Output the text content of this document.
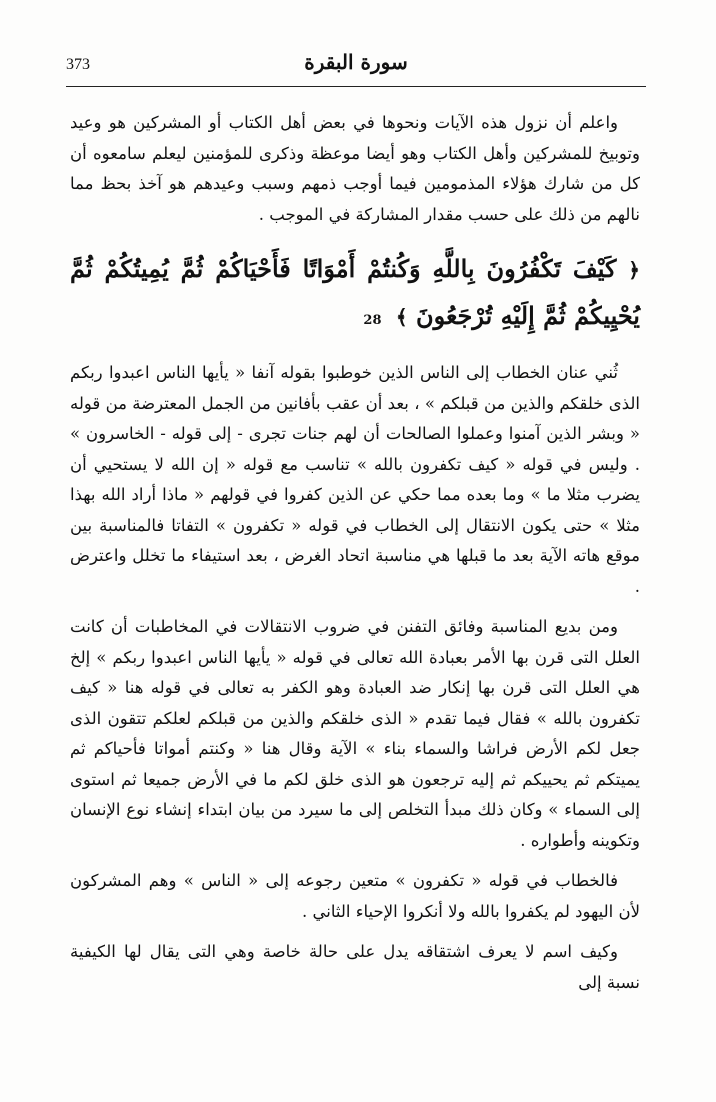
373	سورة البقرة

واعلم أن نزول هذه الآيات ونحوها في بعض أهل الكتاب أو المشركين هو وعيد وتوبيخ للمشركين وأهل الكتاب وهو أيضا موعظة وذكرى للمؤمنين ليعلم سامعوه أن كل من شارك هؤلاء المذمومين فيما أوجب ذمهم وسبب وعيدهم هو آخذ بحظ مما نالهم من ذلك على حسب مقدار المشاركة في الموجب .

﴿ كَيْفَ تَكْفُرُونَ بِاللَّهِ وَكُنتُمْ أَمْوَاتًا فَأَحْيَاكُمْ ثُمَّ يُمِيتُكُمْ ثُمَّ يُحْيِيكُمْ ثُمَّ إِلَيْهِ تُرْجَعُونَ ﴾ 28

ثُني عنان الخطاب إلى الناس الذين خوطبوا بقوله آنفا « يأيها الناس اعبدوا ربكم الذى خلقكم والذين من قبلكم » ، بعد أن عقب بأفانين من الجمل المعترضة من قوله « وبشر الذين آمنوا وعملوا الصالحات أن لهم جنات تجرى - إلى قوله - الخاسرون » . وليس في قوله « كيف تكفرون بالله » تناسب مع قوله « إن الله لا يستحيي أن يضرب مثلا ما » وما بعده مما حكي عن الذين كفروا في قولهم « ماذا أراد الله بهذا مثلا » حتى يكون الانتقال إلى الخطاب في قوله « تكفرون » التفاتا فالمناسبة بين موقع هاته الآية بعد ما قبلها هي مناسبة اتحاد الغرض ، بعد استيفاء ما تخلل واعترض .

ومن بديع المناسبة وفائق التفنن في ضروب الانتقالات في المخاطبات أن كانت العلل التى قرن بها الأمر بعبادة الله تعالى في قوله « يأيها الناس اعبدوا ربكم » إلخ هي العلل التى قرن بها إنكار ضد العبادة وهو الكفر به تعالى في قوله هنا « كيف تكفرون بالله » فقال فيما تقدم « الذى خلقكم والذين من قبلكم لعلكم تتقون الذى جعل لكم الأرض فراشا والسماء بناء » الآية وقال هنا « وكنتم أمواتا فأحياكم ثم يميتكم ثم يحييكم ثم إليه ترجعون هو الذى خلق لكم ما في الأرض جميعا ثم استوى إلى السماء » وكان ذلك مبدأ التخلص إلى ما سيرد من بيان ابتداء إنشاء نوع الإنسان وتكوينه وأطواره .

فالخطاب في قوله « تكفرون » متعين رجوعه إلى « الناس » وهم المشركون لأن اليهود لم يكفروا بالله ولا أنكروا الإحياء الثاني .

وكيف اسم لا يعرف اشتقاقه يدل على حالة خاصة وهي التى يقال لها الكيفية نسبة إلى
